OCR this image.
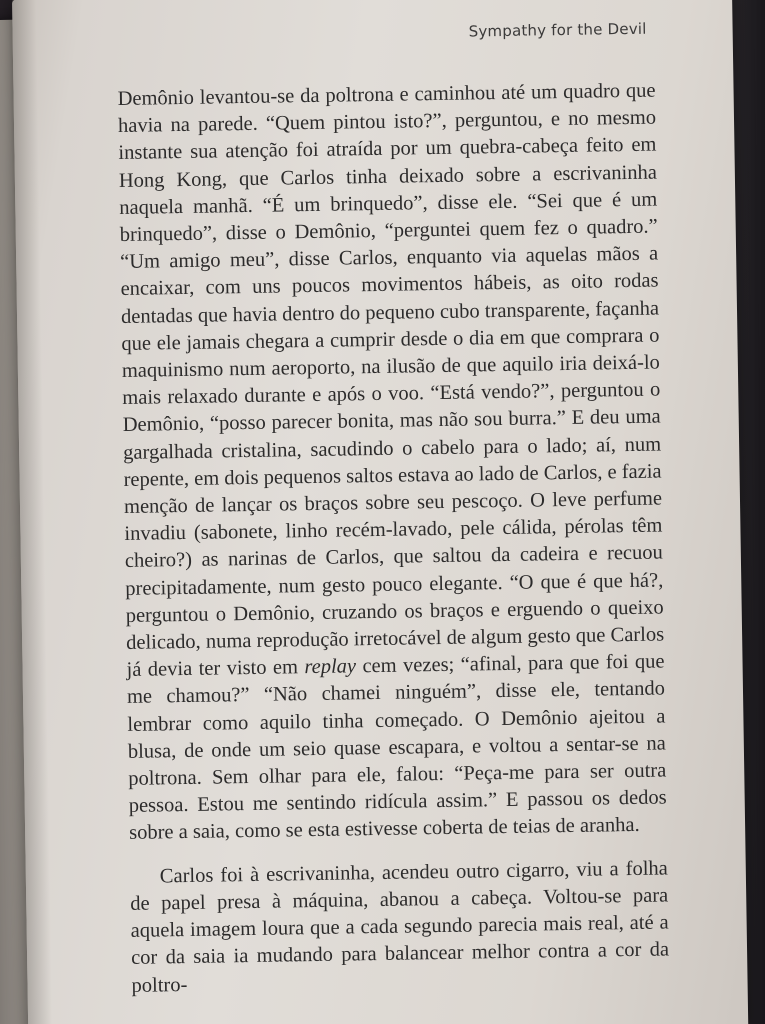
Sympathy for the Devil

Demônio levantou-se da poltrona e caminhou até um quadro que havia na parede. “Quem pintou isto?”, perguntou, e no mesmo instante sua atenção foi atraída por um quebra-cabeça feito em Hong Kong, que Carlos tinha deixado sobre a escrivaninha naquela manhã. “É um brinquedo”, disse ele. “Sei que é um brinquedo”, disse o Demônio, “perguntei quem fez o quadro.” “Um amigo meu”, disse Carlos, enquanto via aquelas mãos a encaixar, com uns poucos movimentos hábeis, as oito rodas dentadas que havia dentro do pequeno cubo transparente, façanha que ele jamais chegara a cumprir desde o dia em que comprara o maquinismo num aeroporto, na ilusão de que aquilo iria deixá-lo mais relaxado durante e após o voo. “Está vendo?”, perguntou o Demônio, “posso parecer bonita, mas não sou burra.” E deu uma gargalhada cristalina, sacudindo o cabelo para o lado; aí, num repente, em dois pequenos saltos estava ao lado de Carlos, e fazia menção de lançar os braços sobre seu pescoço. O leve perfume invadiu (sabonete, linho recém-lavado, pele cálida, pérolas têm cheiro?) as narinas de Carlos, que saltou da cadeira e recuou precipitadamente, num gesto pouco elegante. “O que é que há?, perguntou o Demônio, cruzando os braços e erguendo o queixo delicado, numa reprodução irretocável de algum gesto que Carlos já devia ter visto em replay cem vezes; “afinal, para que foi que me chamou?” “Não chamei ninguém”, disse ele, tentando lembrar como aquilo tinha começado. O Demônio ajeitou a blusa, de onde um seio quase escapara, e voltou a sentar-se na poltrona. Sem olhar para ele, falou: “Peça-me para ser outra pessoa. Estou me sentindo ridícula assim.” E passou os dedos sobre a saia, como se esta estivesse coberta de teias de aranha.

Carlos foi à escrivaninha, acendeu outro cigarro, viu a folha de papel presa à máquina, abanou a cabeça. Voltou-se para aquela imagem loura que a cada segundo parecia mais real, até a cor da saia ia mudando para balancear melhor contra a cor da poltro-
